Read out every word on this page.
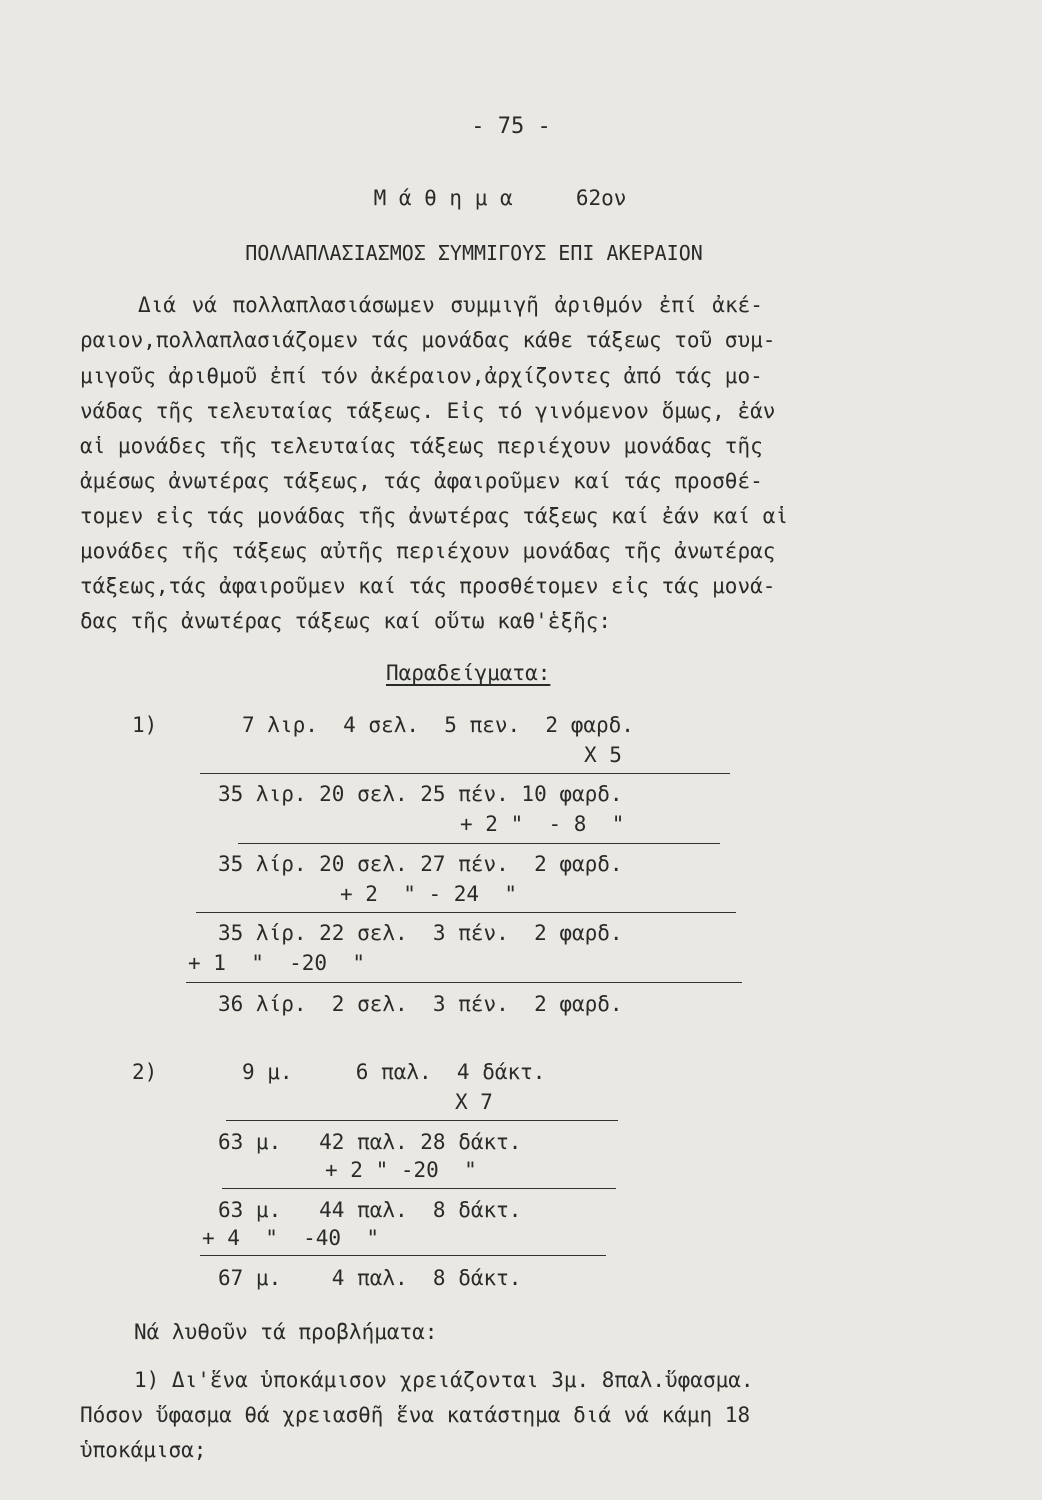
- 75 -
Μ ά θ η μ α     62ον
ΠΟΛΛΑΠΛΑΣΙΑΣΜΟΣ ΣΥΜΜΙΓΟΥΣ ΕΠΙ ΑΚΕΡΑΙΟΝ
Διά νά πολλαπλασιάσωμεν συμμιγῆ ἀριθμόν ἐπί ἀκέ-
ραιον,πολλαπλασιάζομεν τάς μονάδας κάθε τάξεως τοῦ συμ-
μιγοῦς ἀριθμοῦ ἐπί τόν ἀκέραιον,ἀρχίζοντες ἀπό τάς μο-
νάδας τῆς τελευταίας τάξεως. Εἰς τό γινόμενον ὅμως, ἐάν
αἱ μονάδες τῆς τελευταίας τάξεως περιέχουν μονάδας τῆς
ἀμέσως ἀνωτέρας τάξεως, τάς ἀφαιροῦμεν καί τάς προσθέ-
τομεν εἰς τάς μονάδας τῆς ἀνωτέρας τάξεως καί ἐάν καί αἱ
μονάδες τῆς τάξεως αὐτῆς περιέχουν μονάδας τῆς ἀνωτέρας
τάξεως,τάς ἀφαιροῦμεν καί τάς προσθέτομεν εἰς τάς μονά-
δας τῆς ἀνωτέρας τάξεως καί οὕτω καθ'ἑξῆς:
Παραδείγματα:
1)	7 λιρ.  4 σελ.  5 πεν.  2 φαρδ.
X 5
35 λιρ. 20 σελ. 25 πέν. 10 φαρδ.
+ 2 "  - 8  "
35 λίρ. 20 σελ. 27 πέν.  2 φαρδ.
+ 2  " - 24  "
35 λίρ. 22 σελ.  3 πέν.  2 φαρδ.
+ 1  "  -20  "
36 λίρ.  2 σελ.  3 πέν.  2 φαρδ.
2)	9 μ.     6 παλ.  4 δάκτ.
X 7
63 μ.   42 παλ. 28 δάκτ.
+ 2 " -20  "
63 μ.   44 παλ.  8 δάκτ.
+ 4  "  -40  "
67 μ.    4 παλ.  8 δάκτ.
Νά λυθοῦν τά προβλήματα:
1) Δι'ἕνα ὑποκάμισον χρειάζονται 3μ. 8παλ.ὕφασμα.
Πόσον ὕφασμα θά χρειασθῆ ἕνα κατάστημα διά νά κάμη 18
ὑποκάμισα;
